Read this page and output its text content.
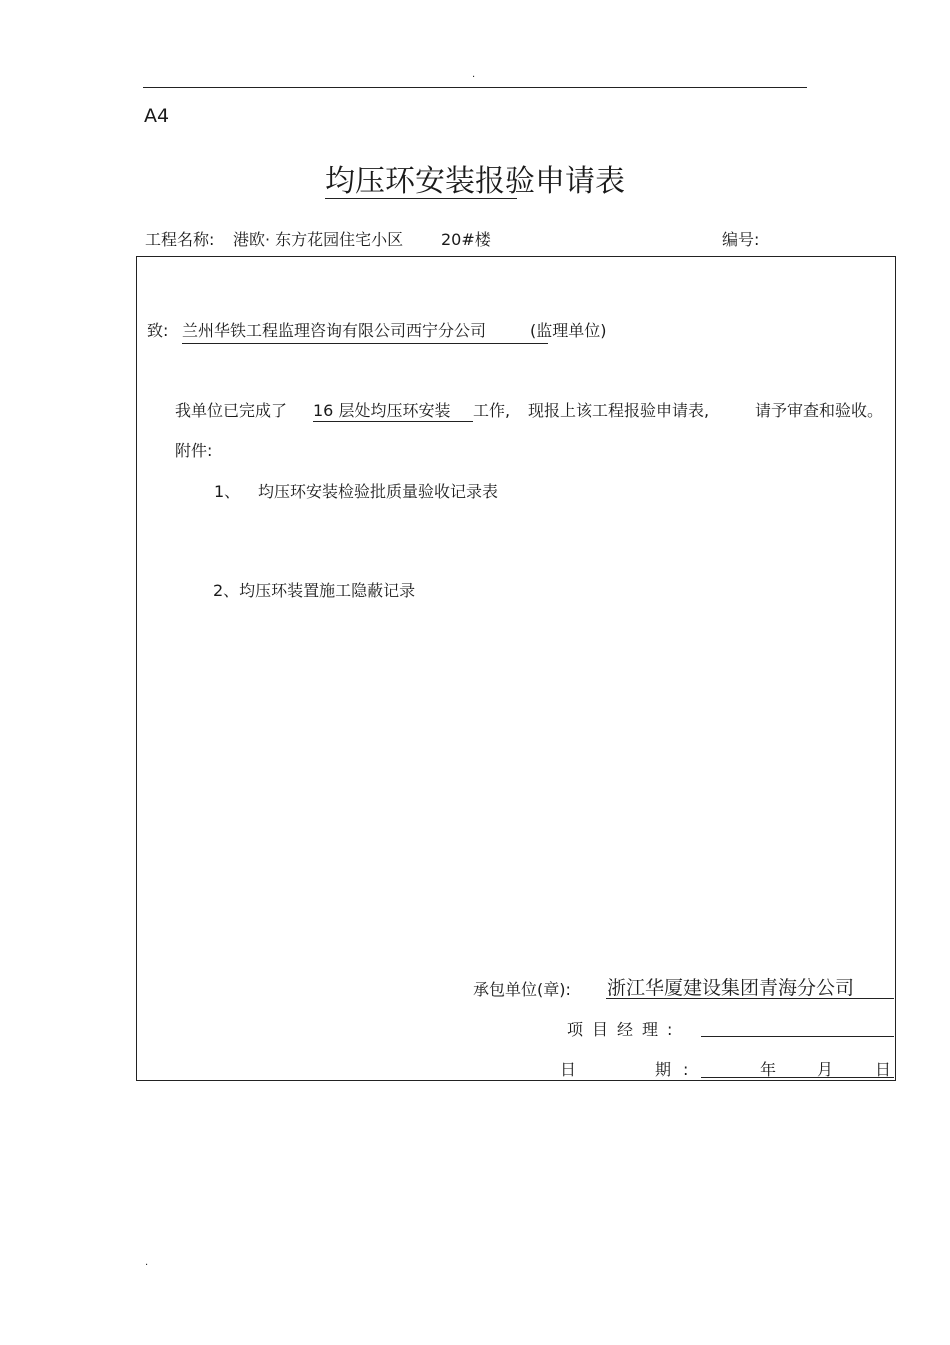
.
A4
均压环安装报验申请表
工程名称: 港欧· 东方花园住宅小区 20#楼	编号:
致: 兰州华铁工程监理咨询有限公司西宁分公司	(监理单位)
我单位已完成了 16 层处均压环安装 工作, 现报上该工程报验申请表,	请予审查和验收。
附件:
1、 均压环安装检验批质量验收记录表
2、均压环装置施工隐蔽记录
承包单位(章): 浙江华厦建设集团青海分公司
项目经理:
日	期 :	年	月	日
.
